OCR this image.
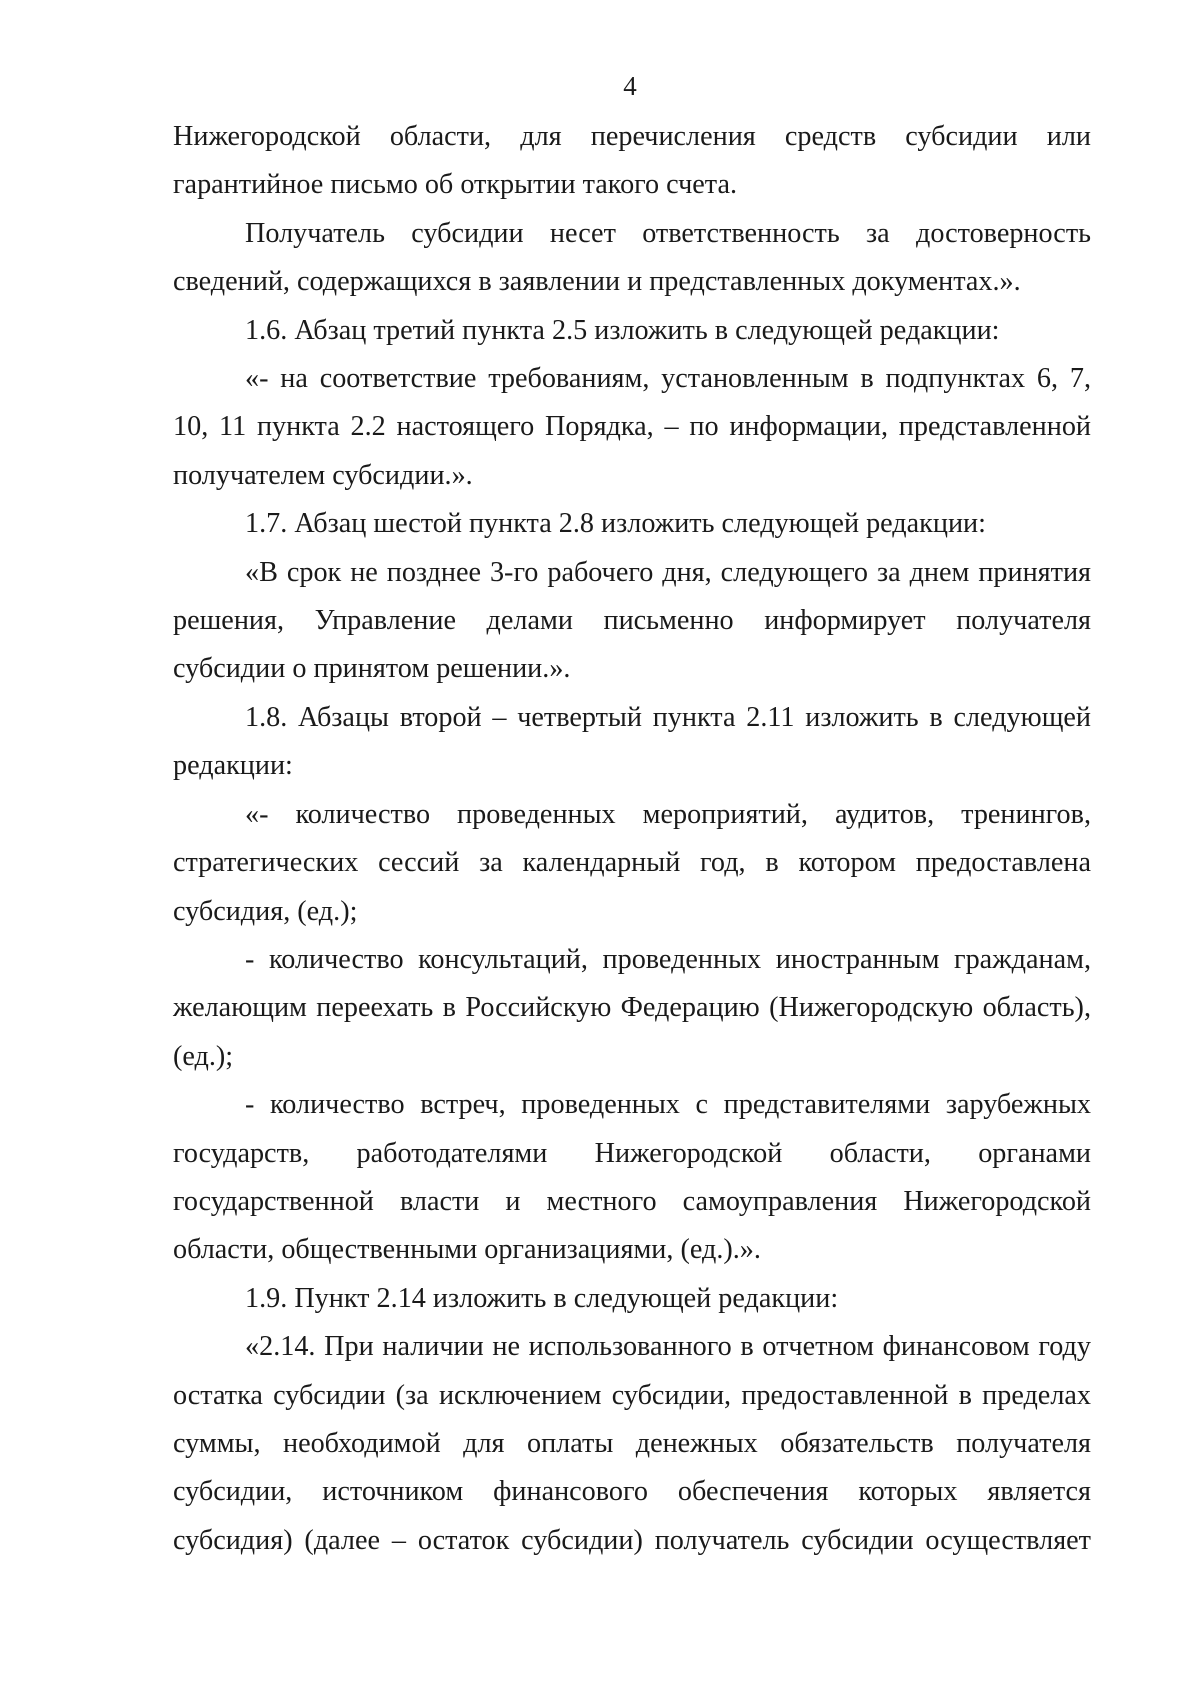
4

Нижегородской области, для перечисления средств субсидии или гарантийное письмо об открытии такого счета.

Получатель субсидии несет ответственность за достоверность сведений, содержащихся в заявлении и представленных документах.».

1.6. Абзац третий пункта 2.5 изложить в следующей редакции:

«- на соответствие требованиям, установленным в подпунктах 6, 7, 10, 11 пункта 2.2 настоящего Порядка, – по информации, представленной получателем субсидии.».

1.7. Абзац шестой пункта 2.8 изложить следующей редакции:

«В срок не позднее 3-го рабочего дня, следующего за днем принятия решения, Управление делами письменно информирует получателя субсидии о принятом решении.».

1.8. Абзацы второй – четвертый пункта 2.11 изложить в следующей редакции:

«- количество проведенных мероприятий, аудитов, тренингов, стратегических сессий за календарный год, в котором предоставлена субсидия, (ед.);

- количество консультаций, проведенных иностранным гражданам, желающим переехать в Российскую Федерацию (Нижегородскую область), (ед.);

- количество встреч, проведенных с представителями зарубежных государств, работодателями Нижегородской области, органами государственной власти и местного самоуправления Нижегородской области, общественными организациями, (ед.).».

1.9. Пункт 2.14 изложить в следующей редакции:

«2.14. При наличии не использованного в отчетном финансовом году остатка субсидии (за исключением субсидии, предоставленной в пределах суммы, необходимой для оплаты денежных обязательств получателя субсидии, источником финансового обеспечения которых является субсидия) (далее – остаток субсидии) получатель субсидии осуществляет
